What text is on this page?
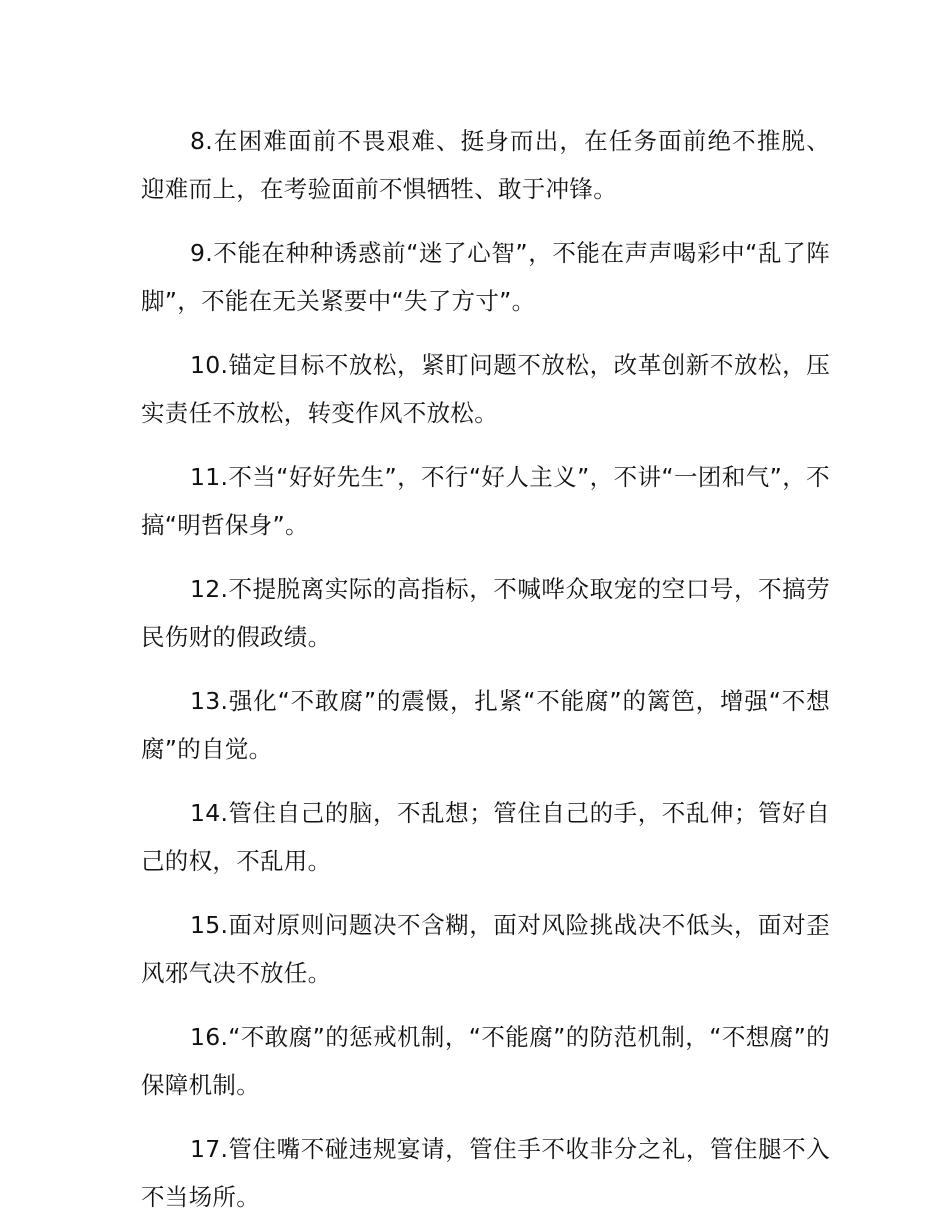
8.在困难面前不畏艰难、挺身而出，在任务面前绝不推脱、迎难而上，在考验面前不惧牺牲、敢于冲锋。

9.不能在种种诱惑前“迷了心智”，不能在声声喝彩中“乱了阵脚”，不能在无关紧要中“失了方寸”。

10.锚定目标不放松，紧盯问题不放松，改革创新不放松，压实责任不放松，转变作风不放松。

11.不当“好好先生”，不行“好人主义”，不讲“一团和气”，不搞“明哲保身”。

12.不提脱离实际的高指标，不喊哗众取宠的空口号，不搞劳民伤财的假政绩。

13.强化“不敢腐”的震慑，扎紧“不能腐”的篱笆，增强“不想腐”的自觉。

14.管住自己的脑，不乱想；管住自己的手，不乱伸；管好自己的权，不乱用。

15.面对原则问题决不含糊，面对风险挑战决不低头，面对歪风邪气决不放任。

16.“不敢腐”的惩戒机制，“不能腐”的防范机制，“不想腐”的保障机制。

17.管住嘴不碰违规宴请，管住手不收非分之礼，管住腿不入不当场所。
